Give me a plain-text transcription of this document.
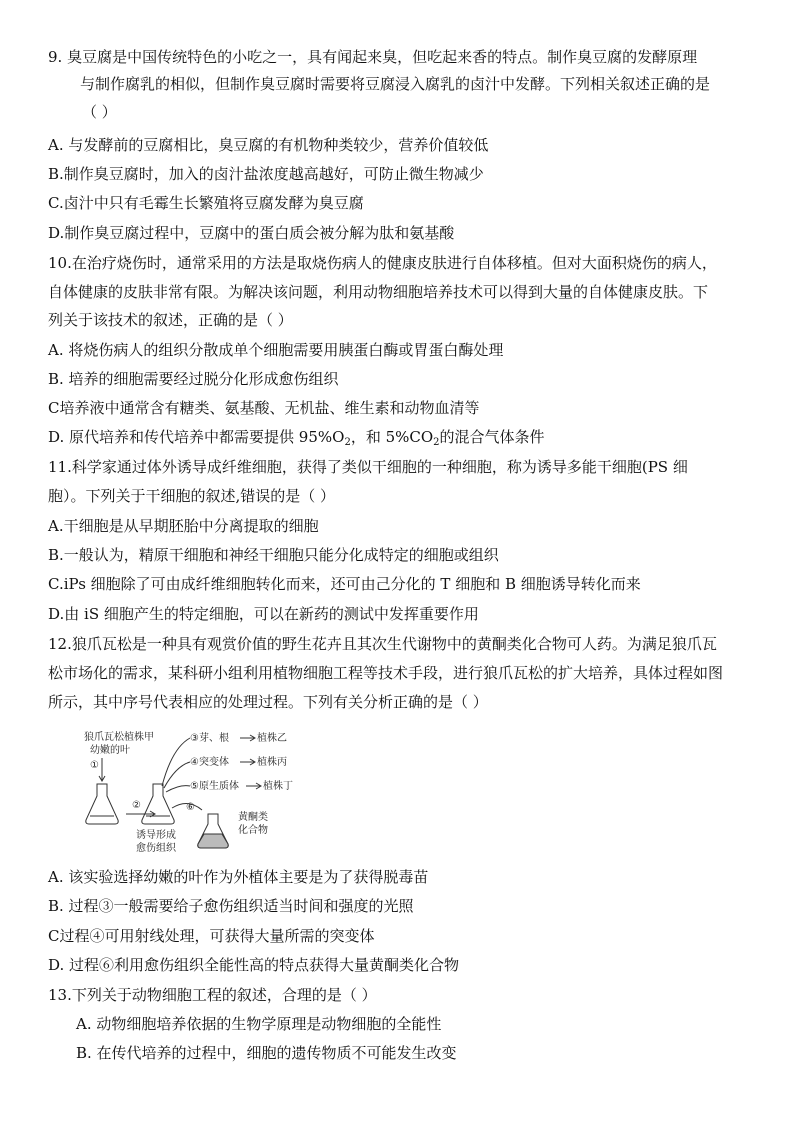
9. 臭豆腐是中国传统特色的小吃之一，具有闻起来臭，但吃起来香的特点。制作臭豆腐的发酵原理
与制作腐乳的相似，但制作臭豆腐时需要将豆腐浸入腐乳的卤汁中发酵。下列相关叙述正确的是
（ ）
A. 与发酵前的豆腐相比，臭豆腐的有机物种类较少，营养价值较低
B.制作臭豆腐时，加入的卤汁盐浓度越高越好，可防止微生物减少
C.卤汁中只有毛霉生长繁殖将豆腐发酵为臭豆腐
D.制作臭豆腐过程中，豆腐中的蛋白质会被分解为肽和氨基酸
10.在治疗烧伤时，通常采用的方法是取烧伤病人的健康皮肤进行自体移植。但对大面积烧伤的病人，
自体健康的皮肤非常有限。为解决该问题，利用动物细胞培养技术可以得到大量的自体健康皮肤。下
列关于该技术的叙述，正确的是（ ）
A. 将烧伤病人的组织分散成单个细胞需要用胰蛋白酶或胃蛋白酶处理
B. 培养的细胞需要经过脱分化形成愈伤组织
C培养液中通常含有糖类、氨基酸、无机盐、维生素和动物血清等
D. 原代培养和传代培养中都需要提供 $95\%O_2$，和 $5\%CO_2$的混合气体条件
11.科学家通过体外诱导成纤维细胞，获得了类似干细胞的一种细胞，称为诱导多能干细胞(PS 细
胞）。下列关于干细胞的叙述,错误的是（ ）
A.干细胞是从早期胚胎中分离提取的细胞
B.一般认为，精原干细胞和神经干细胞只能分化成特定的细胞或组织
C.iPs 细胞除了可由成纤维细胞转化而来，还可由己分化的 T 细胞和 B 细胞诱导转化而来
D.由 iS 细胞产生的特定细胞，可以在新药的测试中发挥重要作用
12.狼爪瓦松是一种具有观赏价值的野生花卉且其次生代谢物中的黄酮类化合物可人药。为满足狼爪瓦
松市场化的需求，某科研小组利用植物细胞工程等技术手段，进行狼爪瓦松的扩大培养，具体过程如图
所示，其中序号代表相应的处理过程。下列有关分析正确的是（ ）
狼爪瓦松植株甲
幼嫩的叶
①
②
诱导形成
愈伤组织
③芽、根	植株乙
④突变体	植株丙
⑤原生质体 植株丁
⑥
黄酮类
化合物
A. 该实验选择幼嫩的叶作为外植体主要是为了获得脱毒苗
B. 过程③一般需要给子愈伤组织适当时间和强度的光照
C过程④可用射线处理，可获得大量所需的突变体
D. 过程⑥利用愈伤组织全能性高的特点获得大量黄酮类化合物
13.下列关于动物细胞工程的叙述，合理的是（ ）
A. 动物细胞培养依据的生物学原理是动物细胞的全能性
B. 在传代培养的过程中，细胞的遗传物质不可能发生改变
